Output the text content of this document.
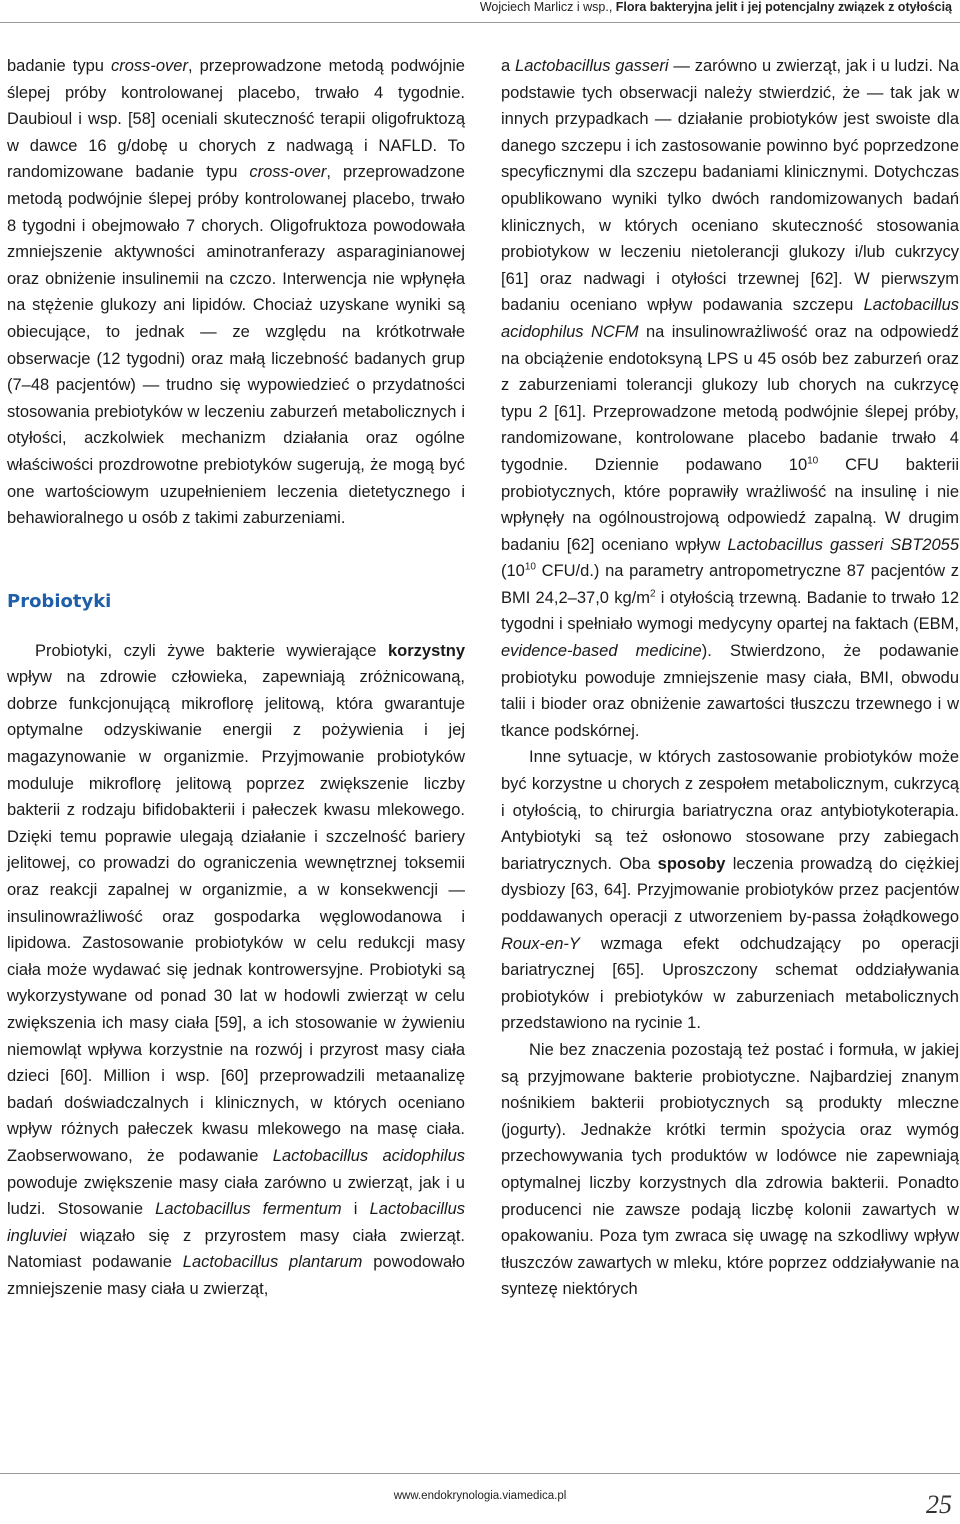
Wojciech Marlicz i wsp., Flora bakteryjna jelit i jej potencjalny związek z otyłością

badanie typu cross-over, przeprowadzone metodą podwójnie ślepej próby kontrolowanej placebo, trwało 4 tygodnie. Daubioul i wsp. [58] oceniali skuteczność terapii oligofruktozą w dawce 16 g/dobę u chorych z nadwagą i NAFLD. To randomizowane badanie typu cross-over, przeprowadzone metodą podwójnie ślepej próby kontrolowanej placebo, trwało 8 tygodni i obejmowało 7 chorych. Oligofruktoza powodowała zmniejszenie aktywności aminotranferazy asparaginianowej oraz obniżenie insulinemii na czczo. Interwencja nie wpłynęła na stężenie glukozy ani lipidów. Chociaż uzyskane wyniki są obiecujące, to jednak — ze względu na krótkotrwałe obserwacje (12 tygodni) oraz małą liczebność badanych grup (7–48 pacjentów) — trudno się wypowiedzieć o przydatności stosowania prebiotyków w leczeniu zaburzeń metabolicznych i otyłości, aczkolwiek mechanizm działania oraz ogólne właściwości prozdrowotne prebiotyków sugerują, że mogą być one wartościowym uzupełnieniem leczenia dietetycznego i behawioralnego u osób z takimi zaburzeniami.

Probiotyki

Probiotyki, czyli żywe bakterie wywierające korzystny wpływ na zdrowie człowieka, zapewniają zróżnicowaną, dobrze funkcjonującą mikroflorę jelitową, która gwarantuje optymalne odzyskiwanie energii z pożywienia i jej magazynowanie w organizmie. Przyjmowanie probiotyków moduluje mikroflorę jelitową poprzez zwiększenie liczby bakterii z rodzaju bifidobakterii i pałeczek kwasu mlekowego. Dzięki temu poprawie ulegają działanie i szczelność bariery jelitowej, co prowadzi do ograniczenia wewnętrznej toksemii oraz reakcji zapalnej w organizmie, a w konsekwencji — insulinowrażliwość oraz gospodarka węglowodanowa i lipidowa. Zastosowanie probiotyków w celu redukcji masy ciała może wydawać się jednak kontrowersyjne. Probiotyki są wykorzystywane od ponad 30 lat w hodowli zwierząt w celu zwiększenia ich masy ciała [59], a ich stosowanie w żywieniu niemowląt wpływa korzystnie na rozwój i przyrost masy ciała dzieci [60]. Million i wsp. [60] przeprowadzili metaanalizę badań doświadczalnych i klinicznych, w których oceniano wpływ różnych pałeczek kwasu mlekowego na masę ciała. Zaobserwowano, że podawanie Lactobacillus acidophilus powoduje zwiększenie masy ciała zarówno u zwierząt, jak i u ludzi. Stosowanie Lactobacillus fermentum i Lactobacillus ingluviei wiązało się z przyrostem masy ciała zwierząt. Natomiast podawanie Lactobacillus plantarum powodowało zmniejszenie masy ciała u zwierząt,

a Lactobacillus gasseri — zarówno u zwierząt, jak i u ludzi. Na podstawie tych obserwacji należy stwierdzić, że — tak jak w innych przypadkach — działanie probiotyków jest swoiste dla danego szczepu i ich zastosowanie powinno być poprzedzone specyficznymi dla szczepu badaniami klinicznymi. Dotychczas opublikowano wyniki tylko dwóch randomizowanych badań klinicznych, w których oceniano skuteczność stosowania probiotykow w leczeniu nietolerancji glukozy i/lub cukrzycy [61] oraz nadwagi i otyłości trzewnej [62]. W pierwszym badaniu oceniano wpływ podawania szczepu Lactobacillus acidophilus NCFM na insulinowrażliwość oraz na odpowiedź na obciążenie endotoksyną LPS u 45 osób bez zaburzeń oraz z zaburzeniami tolerancji glukozy lub chorych na cukrzycę typu 2 [61]. Przeprowadzone metodą podwójnie ślepej próby, randomizowane, kontrolowane placebo badanie trwało 4 tygodnie. Dziennie podawano $10^{10}$ CFU bakterii probiotycznych, które poprawiły wrażliwość na insulinę i nie wpłynęły na ogólnoustrojową odpowiedź zapalną. W drugim badaniu [62] oceniano wpływ Lactobacillus gasseri SBT2055 ($10^{10}$ CFU/d.) na parametry antropometryczne 87 pacjentów z BMI 24,2–37,0 $kg/m^2$ i otyłością trzewną. Badanie to trwało 12 tygodni i spełniało wymogi medycyny opartej na faktach (EBM, evidence-based medicine). Stwierdzono, że podawanie probiotyku powoduje zmniejszenie masy ciała, BMI, obwodu talii i bioder oraz obniżenie zawartości tłuszczu trzewnego i w tkance podskórnej.

Inne sytuacje, w których zastosowanie probiotyków może być korzystne u chorych z zespołem metabolicznym, cukrzycą i otyłością, to chirurgia bariatryczna oraz antybiotykoterapia. Antybiotyki są też osłonowo stosowane przy zabiegach bariatrycznych. Oba sposoby leczenia prowadzą do ciężkiej dysbiozy [63, 64]. Przyjmowanie probiotyków przez pacjentów poddawanych operacji z utworzeniem by-passa żołądkowego Roux-en-Y wzmaga efekt odchudzający po operacji bariatrycznej [65]. Uproszczony schemat oddziaływania probiotyków i prebiotyków w zaburzeniach metabolicznych przedstawiono na rycinie 1.

Nie bez znaczenia pozostają też postać i formuła, w jakiej są przyjmowane bakterie probiotyczne. Najbardziej znanym nośnikiem bakterii probiotycznych są produkty mleczne (jogurty). Jednakże krótki termin spożycia oraz wymóg przechowywania tych produktów w lodówce nie zapewniają optymalnej liczby korzystnych dla zdrowia bakterii. Ponadto producenci nie zawsze podają liczbę kolonii zawartych w opakowaniu. Poza tym zwraca się uwagę na szkodliwy wpływ tłuszczów zawartych w mleku, które poprzez oddziaływanie na syntezę niektórych

www.endokrynologia.viamedica.pl	25
